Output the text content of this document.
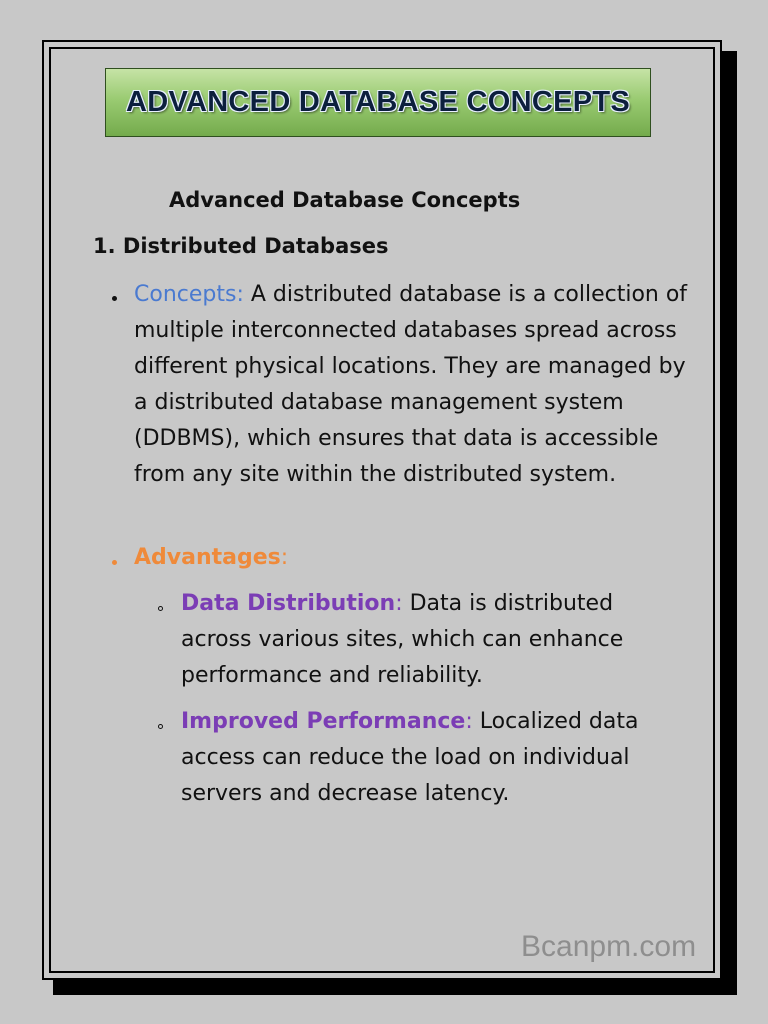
ADVANCED DATABASE CONCEPTS
Advanced Database Concepts
1. Distributed Databases

Concepts: A distributed database is a collection of multiple interconnected databases spread across different physical locations. They are managed by a distributed database management system (DDBMS), which ensures that data is accessible from any site within the distributed system.

Advantages:

Data Distribution: Data is distributed across various sites, which can enhance performance and reliability.

Improved Performance: Localized data access can reduce the load on individual servers and decrease latency.

Bcanpm.com
